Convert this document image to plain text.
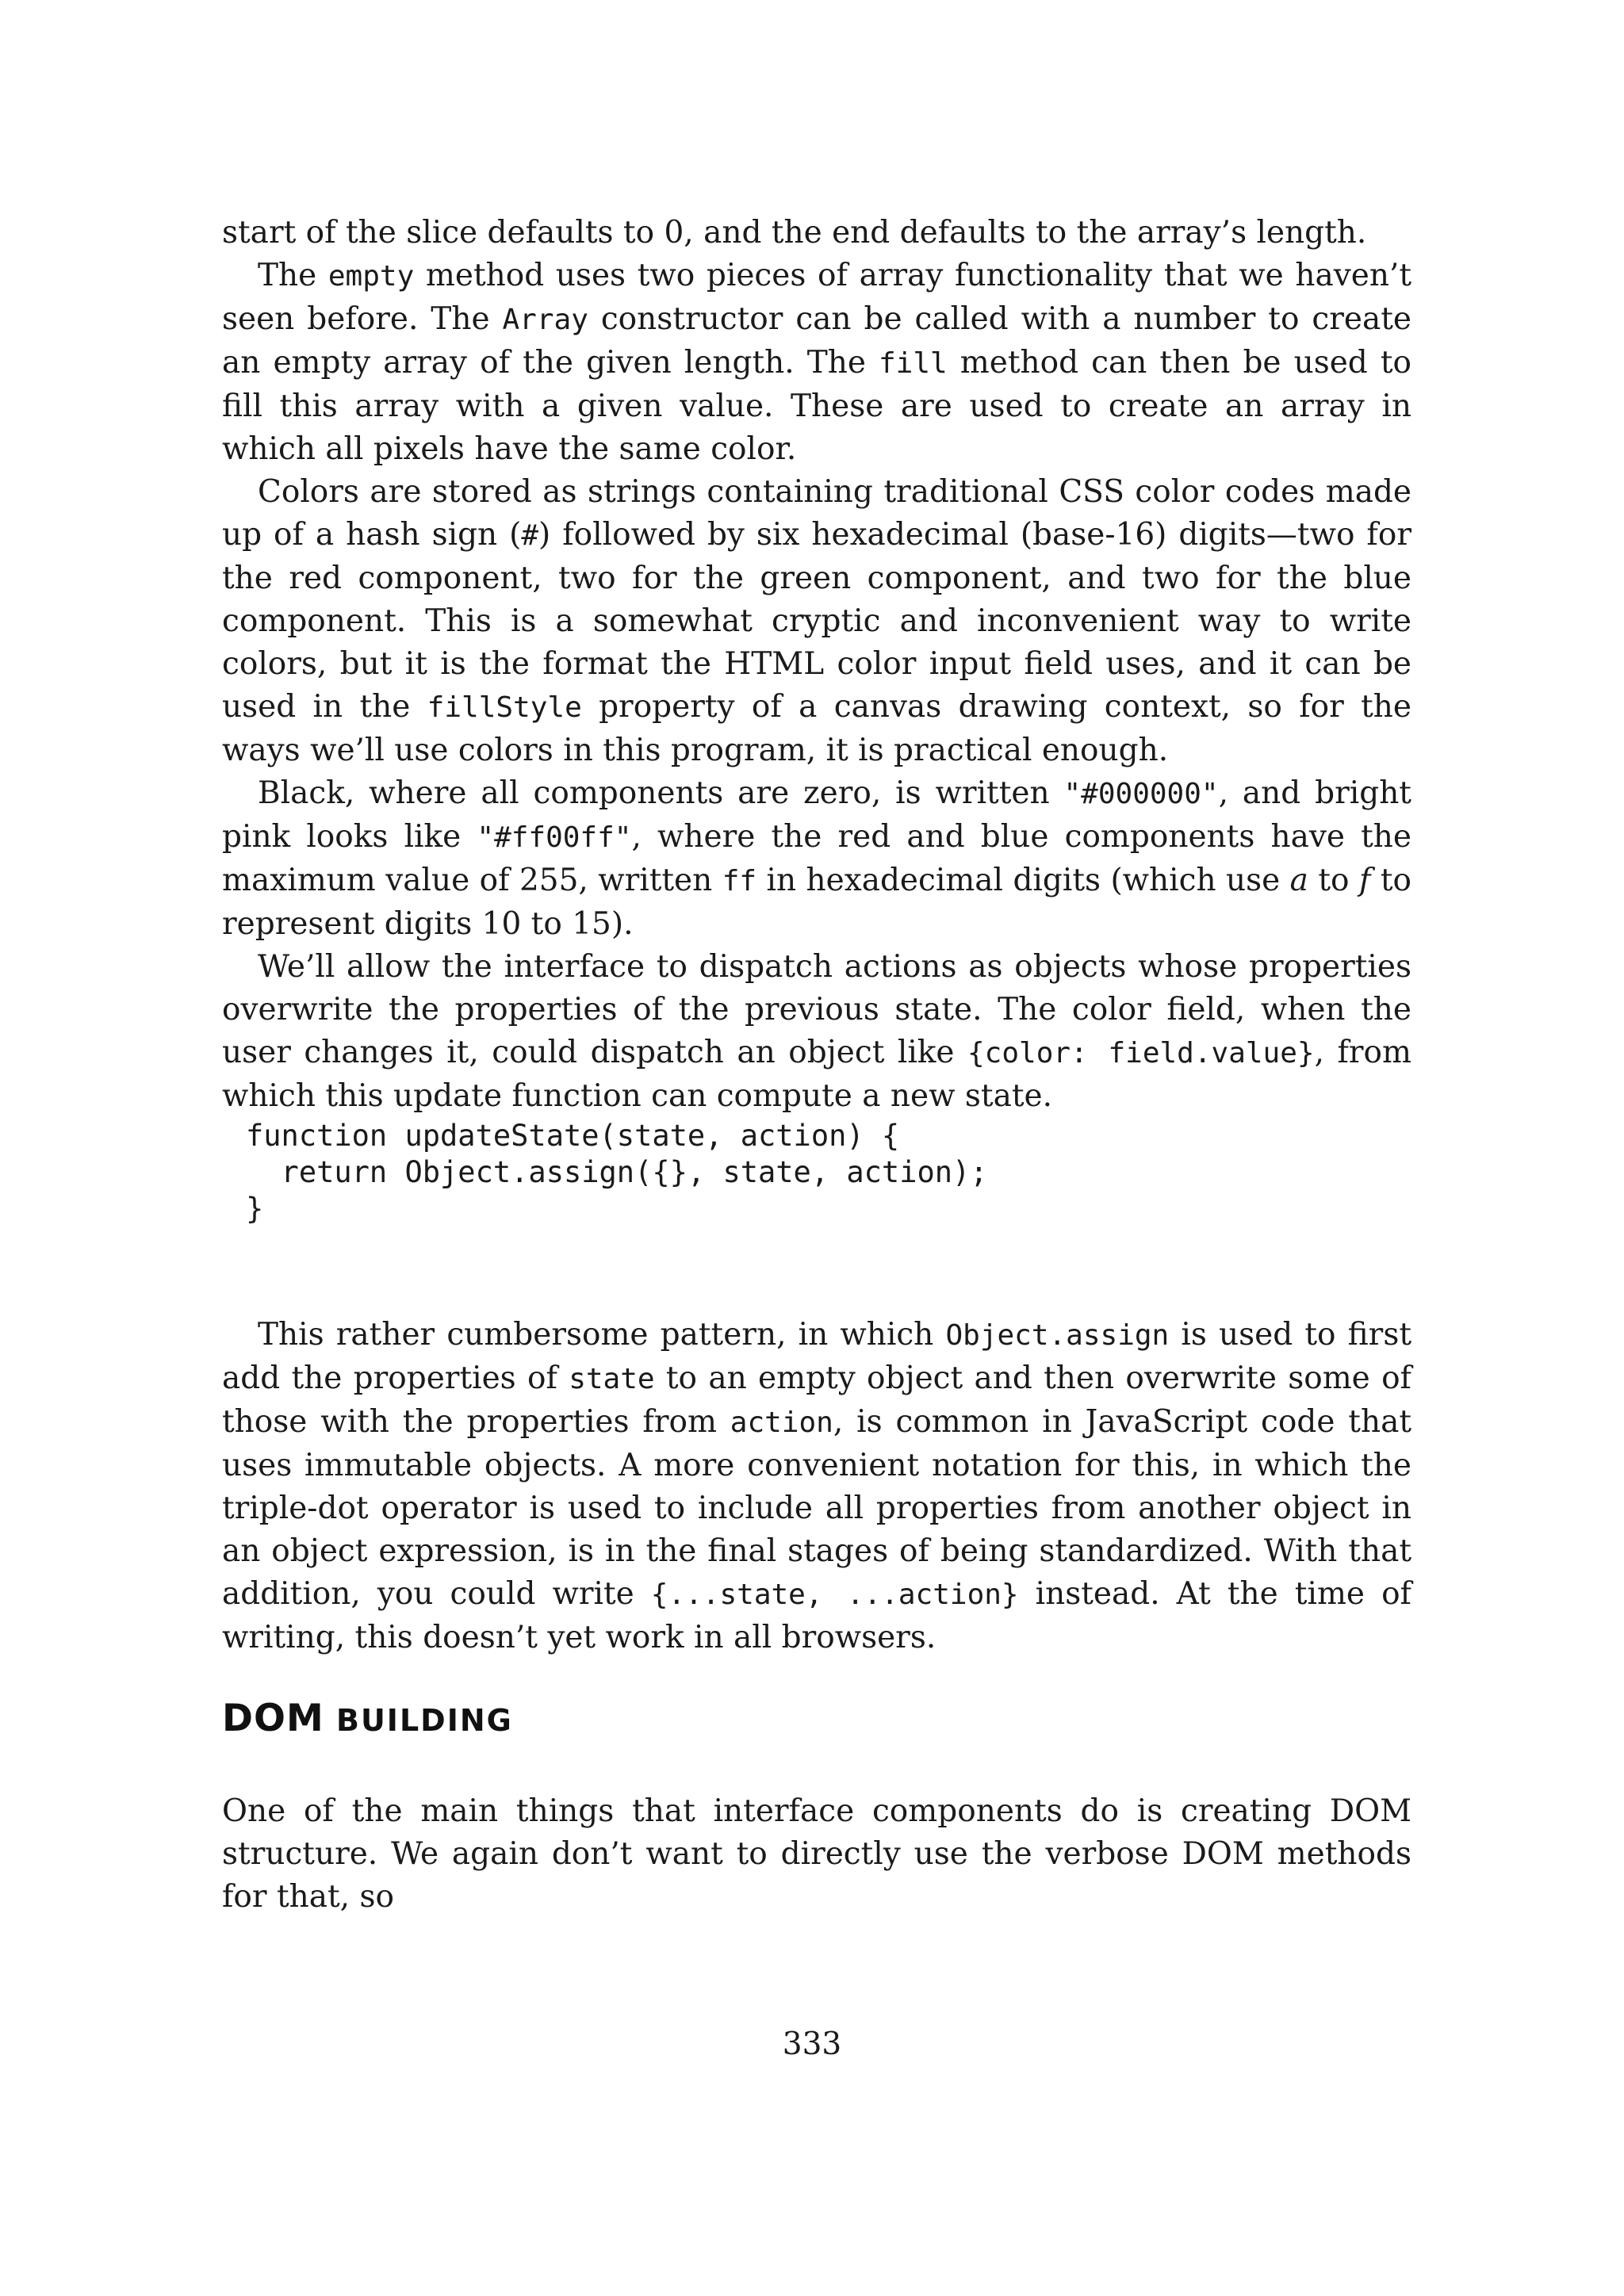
start of the slice defaults to 0, and the end defaults to the array’s length.

The empty method uses two pieces of array functionality that we haven’t seen before. The Array constructor can be called with a number to create an empty array of the given length. The fill method can then be used to fill this array with a given value. These are used to create an array in which all pixels have the same color.

Colors are stored as strings containing traditional CSS color codes made up of a hash sign (#) followed by six hexadecimal (base-16) digits—two for the red component, two for the green component, and two for the blue component. This is a somewhat cryptic and inconvenient way to write colors, but it is the format the HTML color input field uses, and it can be used in the fillStyle property of a canvas drawing context, so for the ways we’ll use colors in this program, it is practical enough.

Black, where all components are zero, is written "#000000", and bright pink looks like "#ff00ff", where the red and blue components have the maximum value of 255, written ff in hexadecimal digits (which use a to f to represent digits 10 to 15).

We’ll allow the interface to dispatch actions as objects whose properties overwrite the properties of the previous state. The color field, when the user changes it, could dispatch an object like {color: field.value}, from which this update function can compute a new state.

function updateState(state, action) {
return Object.assign({}, state, action);
}

This rather cumbersome pattern, in which Object.assign is used to first add the properties of state to an empty object and then overwrite some of those with the properties from action, is common in JavaScript code that uses immutable objects. A more convenient notation for this, in which the triple-dot operator is used to include all properties from another object in an object expression, is in the final stages of being standardized. With that addition, you could write {...state, ...action} instead. At the time of writing, this doesn’t yet work in all browsers.

DOM BUILDING

One of the main things that interface components do is creating DOM structure. We again don’t want to directly use the verbose DOM methods for that, so

333
